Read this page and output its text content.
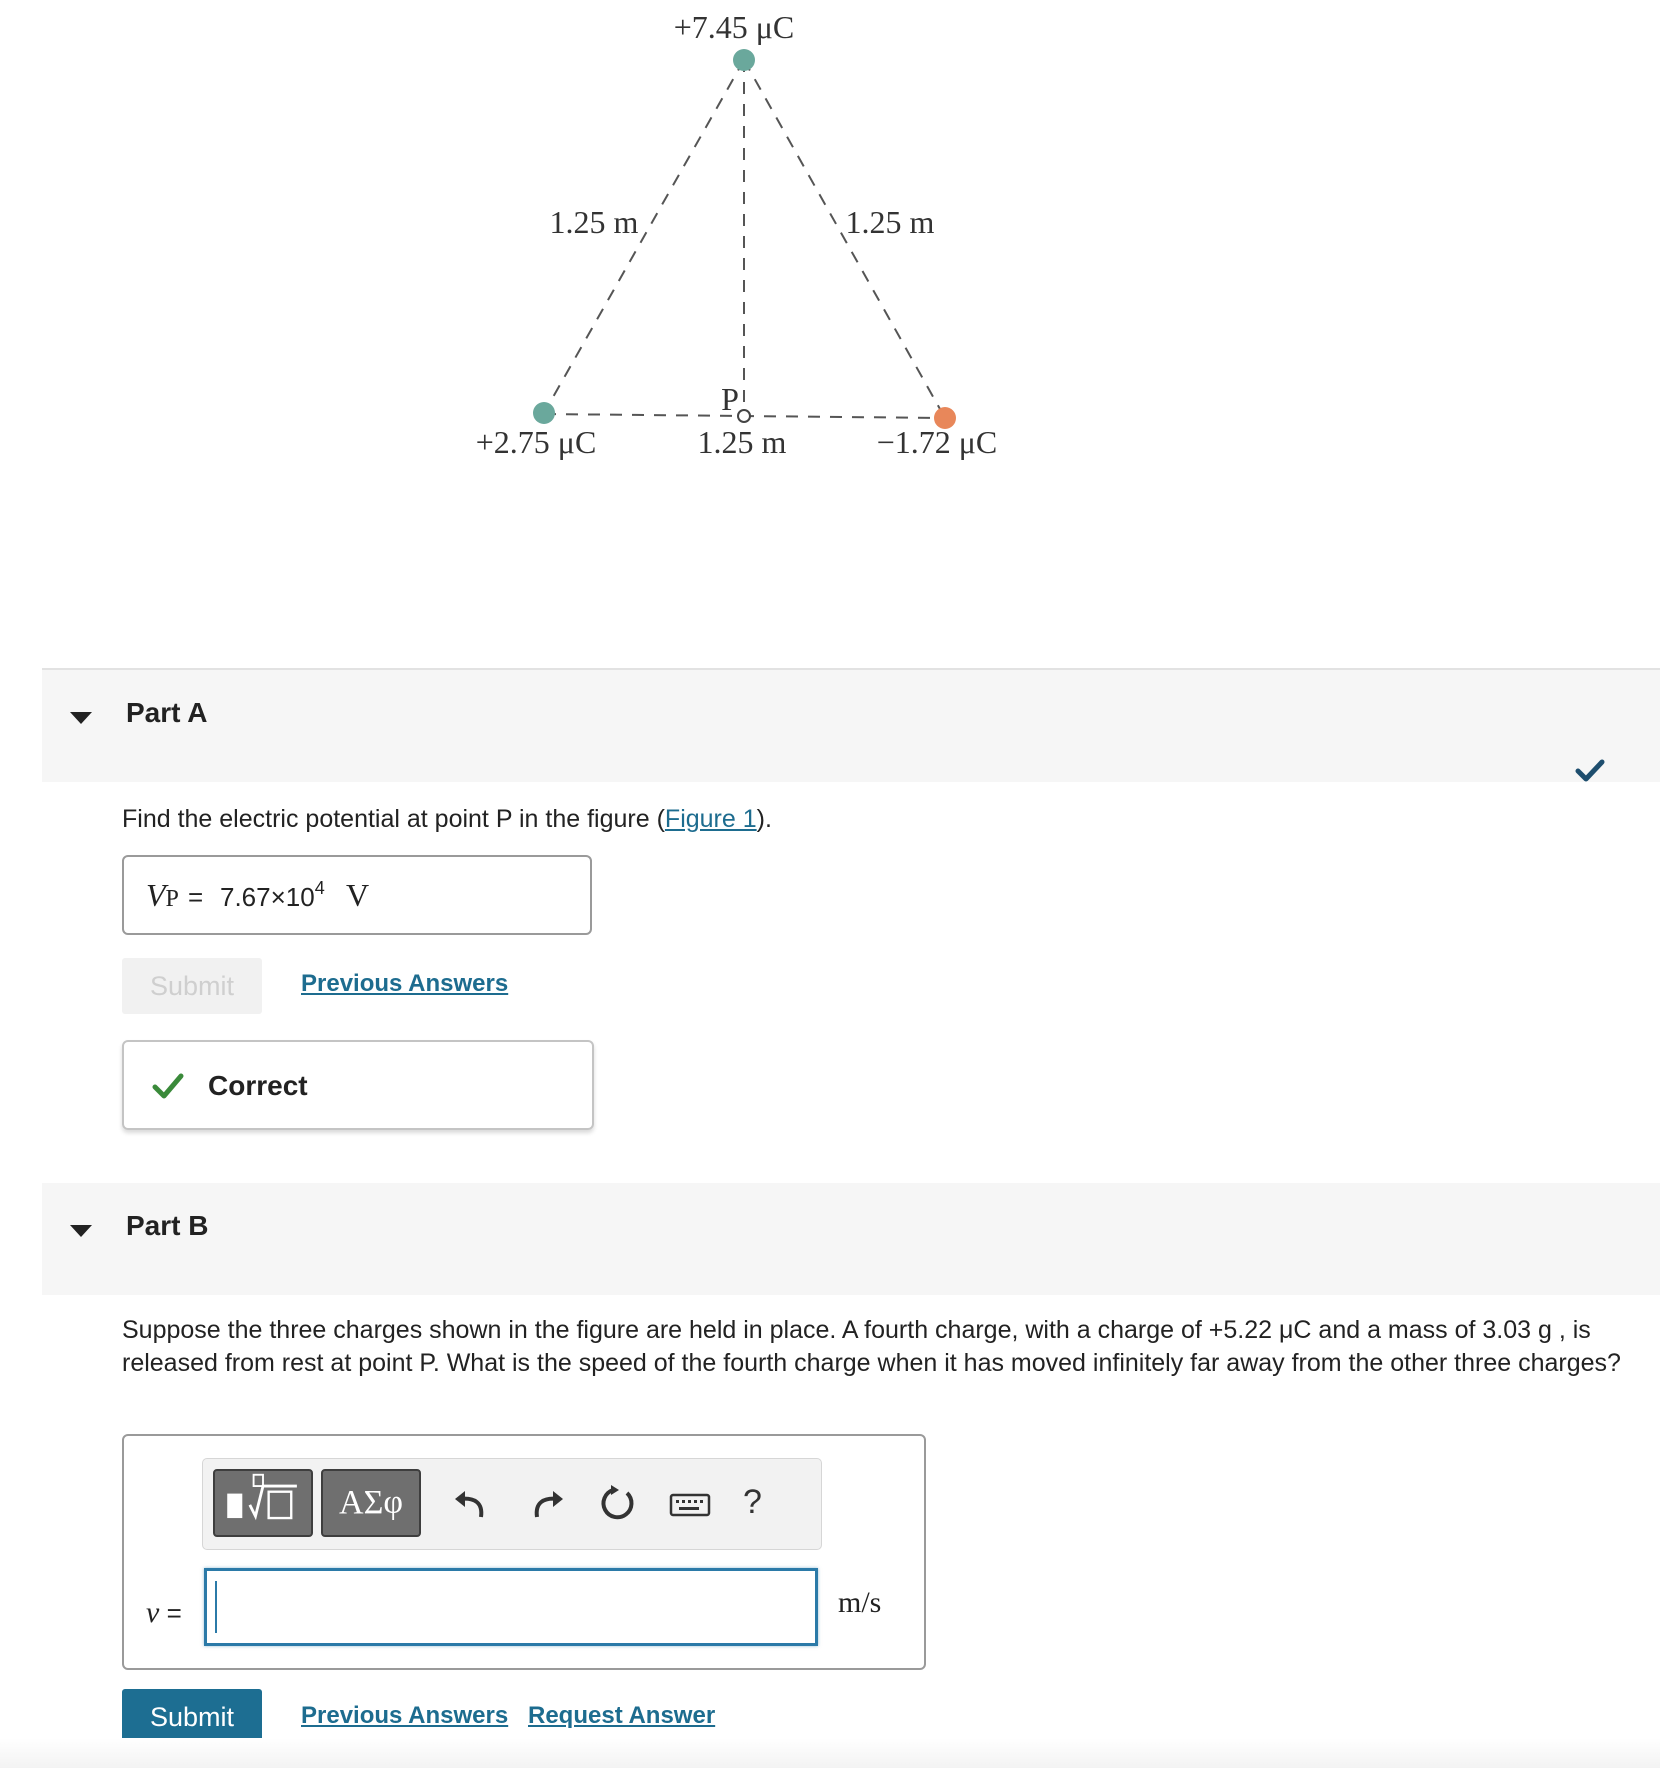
+7.45 μC
1.25 m	1.25 m
P
+2.75 μC	1.25 m	−1.72 μC
Part A
Find the electric potential at point P in the figure (Figure 1).
VP = $7.67\times 10^4$ V
Submit	Previous Answers
Correct
Part B
Suppose the three charges shown in the figure are held in place. A fourth charge, with a charge of +5.22 μC and a mass of 3.03 g , is released from rest at point P. What is the speed of the fourth charge when it has moved infinitely far away from the other three charges?
ΑΣφ	?
v =	m/s
Submit	Previous Answers Request Answer
